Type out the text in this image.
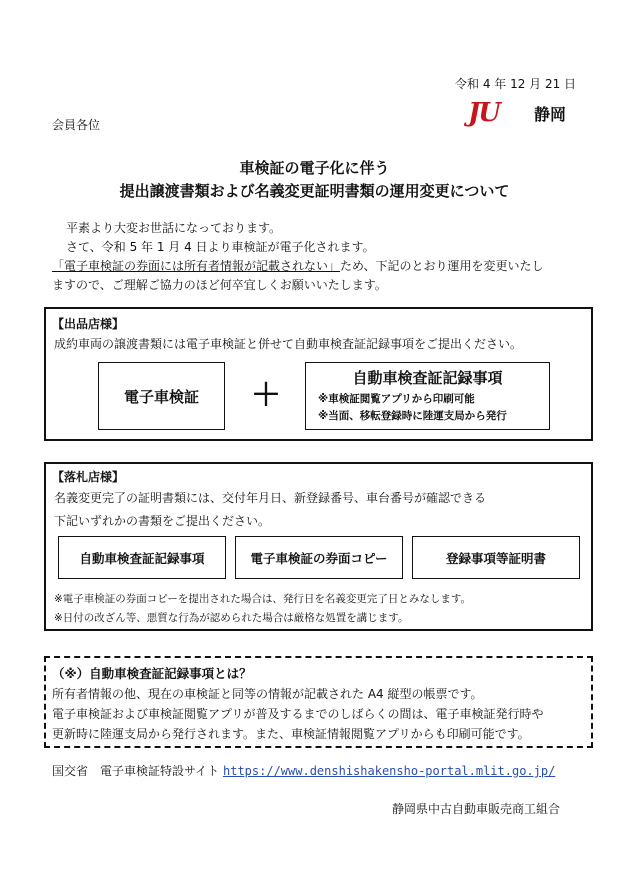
令和 4 年 12 月 21 日
会員各位	JU 静岡
車検証の電子化に伴う
提出譲渡書類および名義変更証明書類の運用変更について
平素より大変お世話になっております。
さて、令和 5 年 1 月 4 日より車検証が電子化されます。
「電子車検証の券面には所有者情報が記載されない」ため、下記のとおり運用を変更いたし
ますので、ご理解ご協力のほど何卒宜しくお願いいたします。
【出品店様】
成約車両の譲渡書類には電子車検証と併せて自動車検査証記録事項をご提出ください。
電子車検証 ＋	自動車検査証記録事項
※車検証閲覧アプリから印刷可能
※当面、移転登録時に陸運支局から発行
【落札店様】
名義変更完了の証明書類には、交付年月日、新登録番号、車台番号が確認できる
下記いずれかの書類をご提出ください。
自動車検査証記録事項	電子車検証の券面コピー	登録事項等証明書
※電子車検証の券面コピーを提出された場合は、発行日を名義変更完了日とみなします。
※日付の改ざん等、悪質な行為が認められた場合は厳格な処置を講じます。
（※）自動車検査証記録事項とは？
所有者情報の他、現在の車検証と同等の情報が記載された A4 縦型の帳票です。
電子車検証および車検証閲覧アプリが普及するまでのしばらくの間は、電子車検証発行時や
更新時に陸運支局から発行されます。また、車検証情報閲覧アプリからも印刷可能です。
国交省　電子車検証特設サイト https://www.denshishakensho-portal.mlit.go.jp/
静岡県中古自動車販売商工組合
